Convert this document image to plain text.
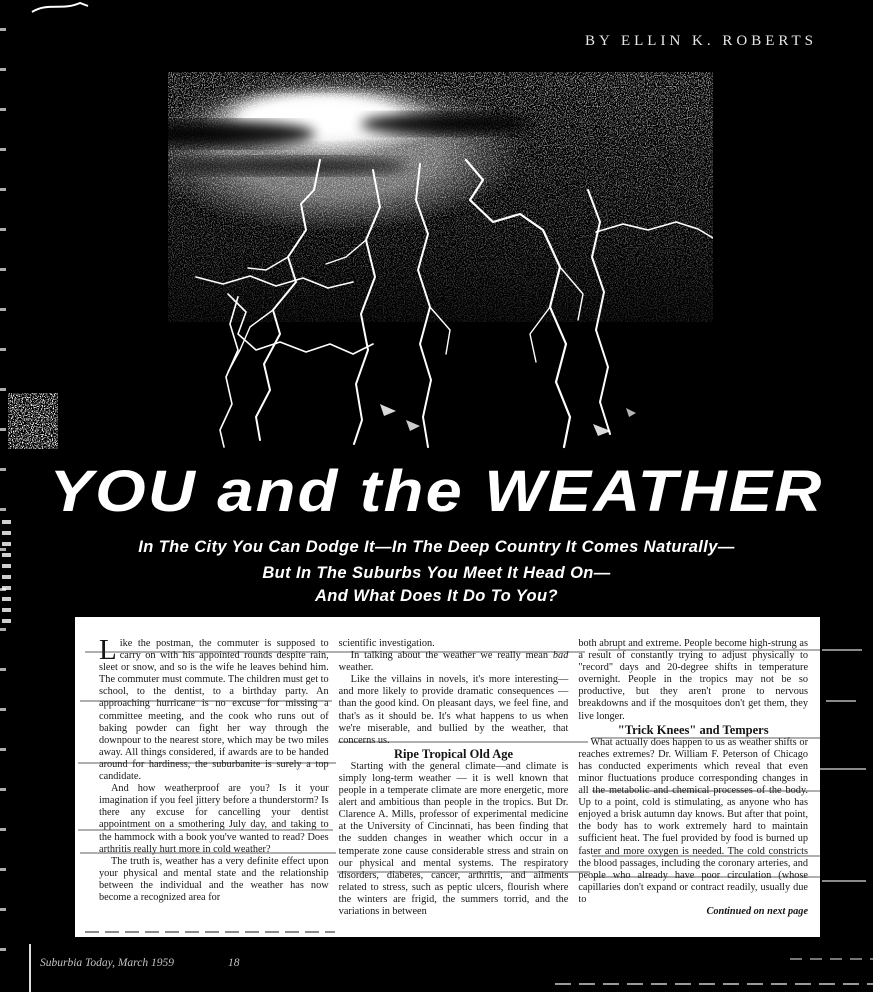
BY ELLIN K. ROBERTS
YOU and the WEATHER
In The City You Can Dodge It—In The Deep Country It Comes Naturally—
But In The Suburbs You Meet It Head On—
And What Does It Do To You?

Like the postman, the commuter is supposed to carry on with his appointed rounds despite rain, sleet or snow, and so is the wife he leaves behind him. The commuter must commute. The children must get to school, to the dentist, to a birthday party. An approaching hurricane is no excuse for missing a committee meeting, and the cook who runs out of baking powder can fight her way through the downpour to the nearest store, which may be two miles away. All things considered, if awards are to be handed around for hardiness, the suburbanite is surely a top candidate.

And how weatherproof are you? Is it your imagination if you feel jittery before a thunderstorm? Is there any excuse for cancelling your dentist appointment on a smothering July day, and taking to the hammock with a book you've wanted to read? Does arthritis really hurt more in cold weather?

The truth is, weather has a very definite effect upon your physical and mental state and the relationship between the individual and the weather has now become a recognized area for

scientific investigation.

In talking about the weather we really mean bad weather.

Like the villains in novels, it's more interesting—and more likely to provide dramatic consequences — than the good kind. On pleasant days, we feel fine, and that's as it should be. It's what happens to us when we're miserable, and bullied by the weather, that concerns us.

Ripe Tropical Old Age

Starting with the general climate—and climate is simply long-term weather — it is well known that people in a temperate climate are more energetic, more alert and ambitious than people in the tropics. But Dr. Clarence A. Mills, professor of experimental medicine at the University of Cincinnati, has been finding that the sudden changes in weather which occur in a temperate zone cause considerable stress and strain on our physical and mental systems. The respiratory disorders, diabetes, cancer, arthritis, and ailments related to stress, such as peptic ulcers, flourish where the winters are frigid, the summers torrid, and the variations in between

both abrupt and extreme. People become high-strung as a result of constantly trying to adjust physically to "record" days and 20-degree shifts in temperature overnight. People in the tropics may not be so productive, but they aren't prone to nervous breakdowns and if the mosquitoes don't get them, they live longer.

"Trick Knees" and Tempers

What actually does happen to us as weather shifts or reaches extremes? Dr. William F. Peterson of Chicago has conducted experiments which reveal that even minor fluctuations produce corresponding changes in all the metabolic and chemical processes of the body. Up to a point, cold is stimulating, as anyone who has enjoyed a brisk autumn day knows. But after that point, the body has to work extremely hard to maintain sufficient heat. The fuel provided by food is burned up faster and more oxygen is needed. The cold constricts the blood passages, including the coronary arteries, and people who already have poor circulation (whose capillaries don't expand or contract readily, usually due to

Continued on next page

Suburbia Today, March 1959	18
